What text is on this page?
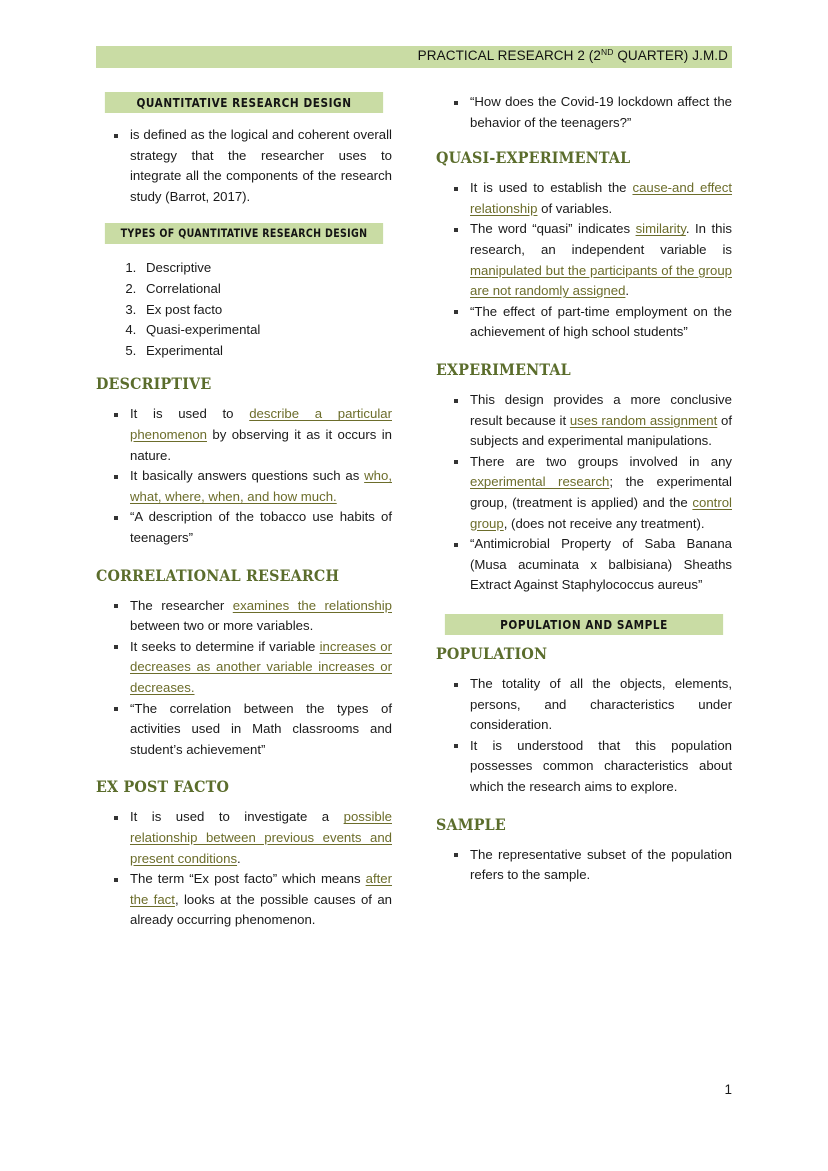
PRACTICAL RESEARCH 2 (2ND QUARTER) J.M.D
QUANTITATIVE RESEARCH DESIGN
is defined as the logical and coherent overall strategy that the researcher uses to integrate all the components of the research study (Barrot, 2017).
TYPES OF QUANTITATIVE RESEARCH DESIGN
1. Descriptive
2. Correlational
3. Ex post facto
4. Quasi-experimental
5. Experimental
DESCRIPTIVE
It is used to describe a particular phenomenon by observing it as it occurs in nature.
It basically answers questions such as who, what, where, when, and how much.
“A description of the tobacco use habits of teenagers”
CORRELATIONAL RESEARCH
The researcher examines the relationship between two or more variables.
It seeks to determine if variable increases or decreases as another variable increases or decreases.
“The correlation between the types of activities used in Math classrooms and student’s achievement”
EX POST FACTO
It is used to investigate a possible relationship between previous events and present conditions.
The term “Ex post facto” which means after the fact, looks at the possible causes of an already occurring phenomenon.
“How does the Covid-19 lockdown affect the behavior of the teenagers?”
QUASI-EXPERIMENTAL
It is used to establish the cause-and effect relationship of variables.
The word “quasi” indicates similarity. In this research, an independent variable is manipulated but the participants of the group are not randomly assigned.
“The effect of part-time employment on the achievement of high school students”
EXPERIMENTAL
This design provides a more conclusive result because it uses random assignment of subjects and experimental manipulations.
There are two groups involved in any experimental research; the experimental group, (treatment is applied) and the control group, (does not receive any treatment).
“Antimicrobial Property of Saba Banana (Musa acuminata x balbisiana) Sheaths Extract Against Staphylococcus aureus”
POPULATION AND SAMPLE
POPULATION
The totality of all the objects, elements, persons, and characteristics under consideration.
It is understood that this population possesses common characteristics about which the research aims to explore.
SAMPLE
The representative subset of the population refers to the sample.
1
